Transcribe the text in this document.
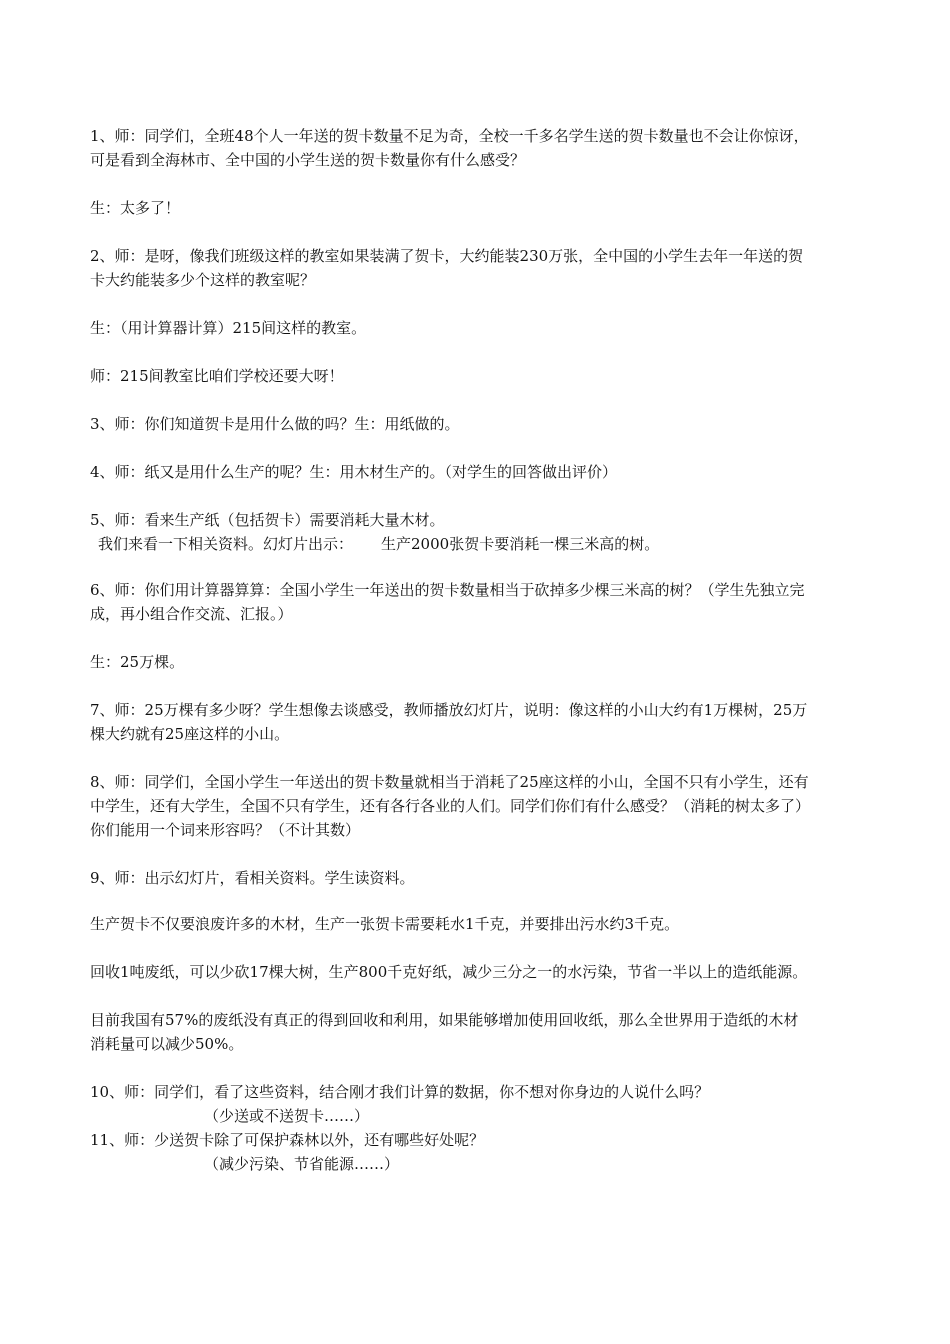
1、师：同学们，全班48个人一年送的贺卡数量不足为奇，全校一千多名学生送的贺卡数量也不会让你惊讶，
可是看到全海林市、全中国的小学生送的贺卡数量你有什么感受？
生：太多了！
2、师：是呀，像我们班级这样的教室如果装满了贺卡，大约能装230万张，全中国的小学生去年一年送的贺
卡大约能装多少个这样的教室呢？
生：（用计算器计算）215间这样的教室。
师：215间教室比咱们学校还要大呀！
3、师：你们知道贺卡是用什么做的吗？生：用纸做的。
4、师：纸又是用什么生产的呢？生：用木材生产的。（对学生的回答做出评价）
5、师：看来生产纸（包括贺卡）需要消耗大量木材。
我们来看一下相关资料。幻灯片出示： 生产2000张贺卡要消耗一棵三米高的树。
6、师：你们用计算器算算：全国小学生一年送出的贺卡数量相当于砍掉多少棵三米高的树？（学生先独立完
成，再小组合作交流、汇报。）
生：25万棵。
7、师：25万棵有多少呀？学生想像去谈感受，教师播放幻灯片，说明：像这样的小山大约有1万棵树，25万
棵大约就有25座这样的小山。
8、师：同学们，全国小学生一年送出的贺卡数量就相当于消耗了25座这样的小山，全国不只有小学生，还有
中学生，还有大学生，全国不只有学生，还有各行各业的人们。同学们你们有什么感受？（消耗的树太多了）
你们能用一个词来形容吗？（不计其数）
9、师：出示幻灯片，看相关资料。学生读资料。
生产贺卡不仅要浪废许多的木材，生产一张贺卡需要耗水1千克，并要排出污水约3千克。
回收1吨废纸，可以少砍17棵大树，生产800千克好纸，减少三分之一的水污染，节省一半以上的造纸能源。
目前我国有57%的废纸没有真正的得到回收和利用，如果能够增加使用回收纸，那么全世界用于造纸的木材
消耗量可以减少50%。
10、师：同学们，看了这些资料，结合刚才我们计算的数据，你不想对你身边的人说什么吗？
（少送或不送贺卡……）
11、师：少送贺卡除了可保护森林以外，还有哪些好处呢？
（减少污染、节省能源……）
